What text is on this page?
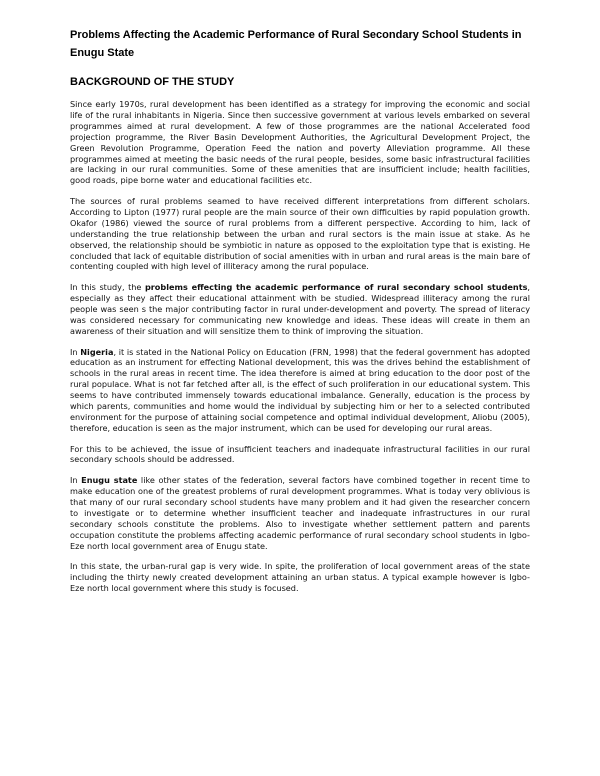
Problems Affecting the Academic Performance of Rural Secondary School Students in Enugu State
BACKGROUND OF THE STUDY

Since early 1970s, rural development has been identified as a strategy for improving the economic and social life of the rural inhabitants in Nigeria. Since then successive government at various levels embarked on several programmes aimed at rural development. A few of those programmes are the national Accelerated food projection programme, the River Basin Development Authorities, the Agricultural Development Project, the Green Revolution Programme, Operation Feed the nation and poverty Alleviation programme. All these programmes aimed at meeting the basic needs of the rural people, besides, some basic infrastructural facilities are lacking in our rural communities. Some of these amenities that are insufficient include; health facilities, good roads, pipe borne water and educational facilities etc.

The sources of rural problems seamed to have received different interpretations from different scholars. According to Lipton (1977) rural people are the main source of their own difficulties by rapid population growth. Okafor (1986) viewed the source of rural problems from a different perspective. According to him, lack of understanding the true relationship between the urban and rural sectors is the main issue at stake. As he observed, the relationship should be symbiotic in nature as opposed to the exploitation type that is existing. He concluded that lack of equitable distribution of social amenities with in urban and rural areas is the main bare of contenting coupled with high level of illiteracy among the rural populace.

In this study, the problems effecting the academic performance of rural secondary school students, especially as they affect their educational attainment with be studied. Widespread illiteracy among the rural people was seen s the major contributing factor in rural under-development and poverty. The spread of literacy was considered necessary for communicating new knowledge and ideas. These ideas will create in them an awareness of their situation and will sensitize them to think of improving the situation.

In Nigeria, it is stated in the National Policy on Education (FRN, 1998) that the federal government has adopted education as an instrument for effecting National development, this was the drives behind the establishment of schools in the rural areas in recent time. The idea therefore is aimed at bring education to the door post of the rural populace. What is not far fetched after all, is the effect of such proliferation in our educational system. This seems to have contributed immensely towards educational imbalance. Generally, education is the process by which parents, communities and home would the individual by subjecting him or her to a selected contributed environment for the purpose of attaining social competence and optimal individual development, Aliobu (2005), therefore, education is seen as the major instrument, which can be used for developing our rural areas.

For this to be achieved, the issue of insufficient teachers and inadequate infrastructural facilities in our rural secondary schools should be addressed.

In Enugu state like other states of the federation, several factors have combined together in recent time to make education one of the greatest problems of rural development programmes. What is today very oblivious is that many of our rural secondary school students have many problem and it had given the researcher concern to investigate or to determine whether insufficient teacher and inadequate infrastructures in our rural secondary schools constitute the problems. Also to investigate whether settlement pattern and parents occupation constitute the problems affecting academic performance of rural secondary school students in Igbo-Eze north local government area of Enugu state.

In this state, the urban-rural gap is very wide. In spite, the proliferation of local government areas of the state including the thirty newly created development attaining an urban status. A typical example however is Igbo-Eze north local government where this study is focused.
